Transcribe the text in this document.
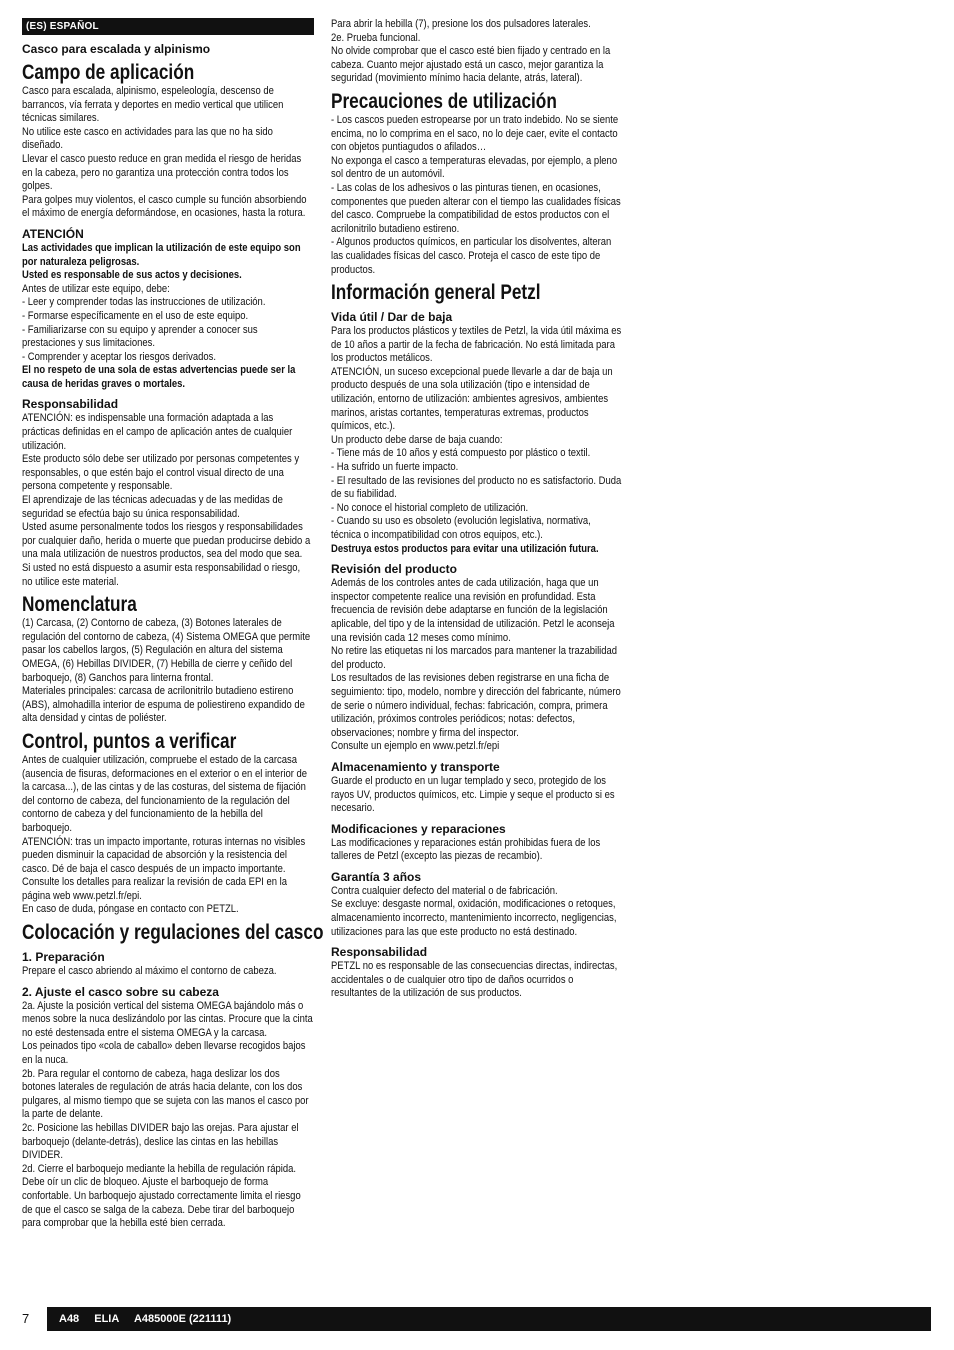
(ES) ESPAÑOL
Casco para escalada y alpinismo
Campo de aplicación

Casco para escalada, alpinismo, espeleología, descenso de barrancos, vía ferrata y deportes en medio vertical que utilicen técnicas similares.

No utilice este casco en actividades para las que no ha sido diseñado.

Llevar el casco puesto reduce en gran medida el riesgo de heridas en la cabeza, pero no garantiza una protección contra todos los golpes.

Para golpes muy violentos, el casco cumple su función absorbiendo el máximo de energía deformándose, en ocasiones, hasta la rotura.

ATENCIÓN

Las actividades que implican la utilización de este equipo son por naturaleza peligrosas.

Usted es responsable de sus actos y decisiones.

Antes de utilizar este equipo, debe:

- Leer y comprender todas las instrucciones de utilización.

- Formarse específicamente en el uso de este equipo.

- Familiarizarse con su equipo y aprender a conocer sus prestaciones y sus limitaciones.

- Comprender y aceptar los riesgos derivados.

El no respeto de una sola de estas advertencias puede ser la causa de heridas graves o mortales.

Responsabilidad

ATENCIÓN: es indispensable una formación adaptada a las prácticas definidas en el campo de aplicación antes de cualquier utilización.

Este producto sólo debe ser utilizado por personas competentes y responsables, o que estén bajo el control visual directo de una persona competente y responsable.

El aprendizaje de las técnicas adecuadas y de las medidas de seguridad se efectúa bajo su única responsabilidad.

Usted asume personalmente todos los riesgos y responsabilidades por cualquier daño, herida o muerte que puedan producirse debido a una mala utilización de nuestros productos, sea del modo que sea. Si usted no está dispuesto a asumir esta responsabilidad o riesgo, no utilice este material.

Nomenclatura

(1) Carcasa, (2) Contorno de cabeza, (3) Botones laterales de regulación del contorno de cabeza, (4) Sistema OMEGA que permite pasar los cabellos largos, (5) Regulación en altura del sistema OMEGA, (6) Hebillas DIVIDER, (7) Hebilla de cierre y ceñido del barboquejo, (8) Ganchos para linterna frontal.

Materiales principales: carcasa de acrilonitrilo butadieno estireno (ABS), almohadilla interior de espuma de poliestireno expandido de alta densidad y cintas de poliéster.

Control, puntos a verificar

Antes de cualquier utilización, compruebe el estado de la carcasa (ausencia de fisuras, deformaciones en el exterior o en el interior de la carcasa...), de las cintas y de las costuras, del sistema de fijación del contorno de cabeza, del funcionamiento de la regulación del contorno de cabeza y del funcionamiento de la hebilla del barboquejo.

ATENCIÓN: tras un impacto importante, roturas internas no visibles pueden disminuir la capacidad de absorción y la resistencia del casco. Dé de baja el casco después de un impacto importante.

Consulte los detalles para realizar la revisión de cada EPI en la página web www.petzl.fr/epi.

En caso de duda, póngase en contacto con PETZL.

Colocación y regulaciones del casco
1. Preparación

Prepare el casco abriendo al máximo el contorno de cabeza.

2. Ajuste el casco sobre su cabeza

2a. Ajuste la posición vertical del sistema OMEGA bajándolo más o menos sobre la nuca deslizándolo por las cintas. Procure que la cinta no esté destensada entre el sistema OMEGA y la carcasa.

Los peinados tipo «cola de caballo» deben llevarse recogidos bajos en la nuca.

2b. Para regular el contorno de cabeza, haga deslizar los dos botones laterales de regulación de atrás hacia delante, con los dos pulgares, al mismo tiempo que se sujeta con las manos el casco por la parte de delante.

2c. Posicione las hebillas DIVIDER bajo las orejas. Para ajustar el barboquejo (delante-detrás), deslice las cintas en las hebillas DIVIDER.

2d. Cierre el barboquejo mediante la hebilla de regulación rápida. Debe oír un clic de bloqueo. Ajuste el barboquejo de forma confortable. Un barboquejo ajustado correctamente limita el riesgo de que el casco se salga de la cabeza. Debe tirar del barboquejo para comprobar que la hebilla esté bien cerrada.

Para abrir la hebilla (7), presione los dos pulsadores laterales.

2e. Prueba funcional.

No olvide comprobar que el casco esté bien fijado y centrado en la cabeza. Cuanto mejor ajustado está un casco, mejor garantiza la seguridad (movimiento mínimo hacia delante, atrás, lateral).

Precauciones de utilización

- Los cascos pueden estropearse por un trato indebido. No se siente encima, no lo comprima en el saco, no lo deje caer, evite el contacto con objetos puntiagudos o afilados…

No exponga el casco a temperaturas elevadas, por ejemplo, a pleno sol dentro de un automóvil.

- Las colas de los adhesivos o las pinturas tienen, en ocasiones, componentes que pueden alterar con el tiempo las cualidades físicas del casco. Compruebe la compatibilidad de estos productos con el acrilonitrilo butadieno estireno.

- Algunos productos químicos, en particular los disolventes, alteran las cualidades físicas del casco. Proteja el casco de este tipo de productos.

Información general Petzl
Vida útil / Dar de baja

Para los productos plásticos y textiles de Petzl, la vida útil máxima es de 10 años a partir de la fecha de fabricación. No está limitada para los productos metálicos.

ATENCIÓN, un suceso excepcional puede llevarle a dar de baja un producto después de una sola utilización (tipo e intensidad de utilización, entorno de utilización: ambientes agresivos, ambientes marinos, aristas cortantes, temperaturas extremas, productos químicos, etc.).

Un producto debe darse de baja cuando:

- Tiene más de 10 años y está compuesto por plástico o textil.

- Ha sufrido un fuerte impacto.

- El resultado de las revisiones del producto no es satisfactorio. Duda de su fiabilidad.

- No conoce el historial completo de utilización.

- Cuando su uso es obsoleto (evolución legislativa, normativa, técnica o incompatibilidad con otros equipos, etc.).

Destruya estos productos para evitar una utilización futura.

Revisión del producto

Además de los controles antes de cada utilización, haga que un inspector competente realice una revisión en profundidad. Esta frecuencia de revisión debe adaptarse en función de la legislación aplicable, del tipo y de la intensidad de utilización. Petzl le aconseja una revisión cada 12 meses como mínimo.

No retire las etiquetas ni los marcados para mantener la trazabilidad del producto.

Los resultados de las revisiones deben registrarse en una ficha de seguimiento: tipo, modelo, nombre y dirección del fabricante, número de serie o número individual, fechas: fabricación, compra, primera utilización, próximos controles periódicos; notas: defectos, observaciones; nombre y firma del inspector.

Consulte un ejemplo en www.petzl.fr/epi

Almacenamiento y transporte

Guarde el producto en un lugar templado y seco, protegido de los rayos UV, productos químicos, etc. Limpie y seque el producto si es necesario.

Modificaciones y reparaciones

Las modificaciones y reparaciones están prohibidas fuera de los talleres de Petzl (excepto las piezas de recambio).

Garantía 3 años

Contra cualquier defecto del material o de fabricación.

Se excluye: desgaste normal, oxidación, modificaciones o retoques, almacenamiento incorrecto, mantenimiento incorrecto, negligencias, utilizaciones para las que este producto no está destinado.

Responsabilidad

PETZL no es responsable de las consecuencias directas, indirectas, accidentales o de cualquier otro tipo de daños ocurridos o resultantes de la utilización de sus productos.

7	A48 ELIA A485000E (221111)
